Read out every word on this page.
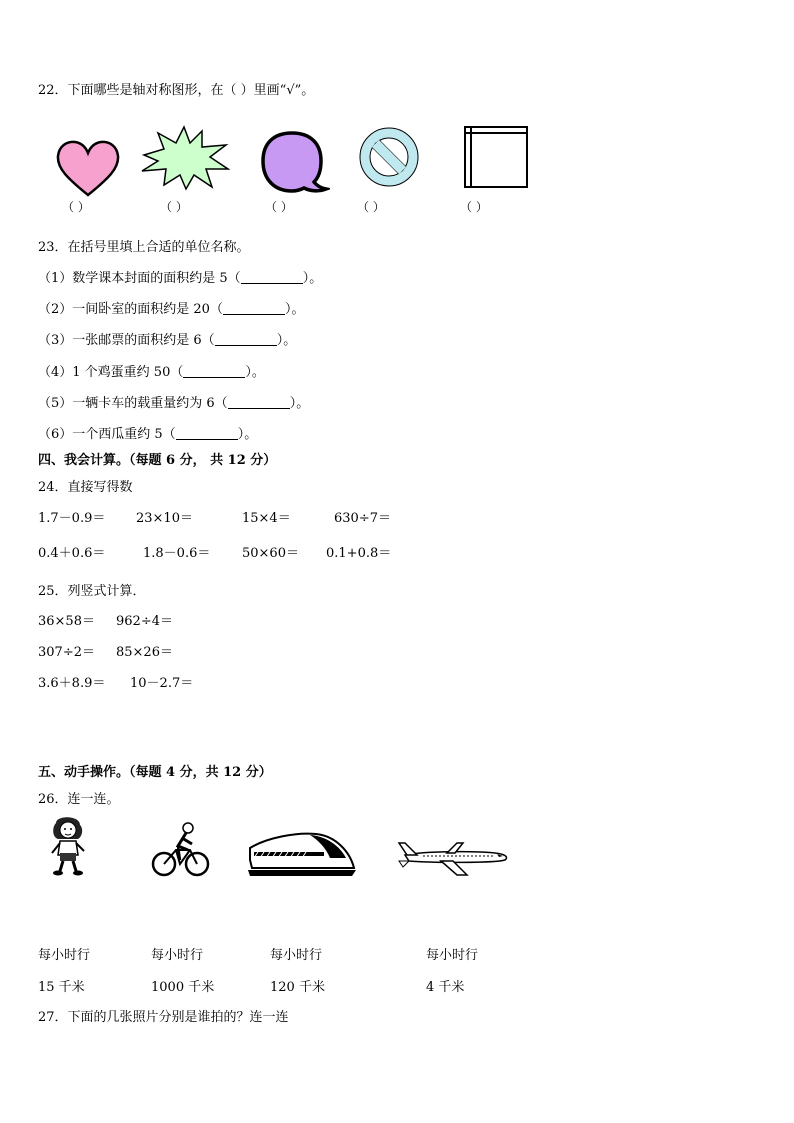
22．下面哪些是轴对称图形，在（ ）里画“√”。
（ ）	（ ）	（ ）	（ ）	（ ）
23．在括号里填上合适的单位名称。
（1）数学课本封面的面积约是 5（	）。
（2）一间卧室的面积约是 20（	）。
（3）一张邮票的面积约是 6（	）。
（4）1 个鸡蛋重约 50（	）。
（5）一辆卡车的载重量约为 6（	）。
（6）一个西瓜重约 5（	）。
四、我会计算。（每题 6 分， 共 12 分）
24．直接写得数
1.7－0.9＝ 23×10＝	15×4＝	630÷7＝
0.4＋0.6＝	1.8－0.6＝ 50×60＝ 0.1+0.8＝
25．列竖式计算．
36×58＝ 962÷4＝
307÷2＝ 85×26＝
3.6＋8.9＝ 10－2.7＝
五、动手操作。（每题 4 分，共 12 分）
26．连一连。
每小时行	每小时行	每小时行	每小时行
15 千米	1000 千米	120 千米	4 千米
27．下面的几张照片分别是谁拍的？连一连
